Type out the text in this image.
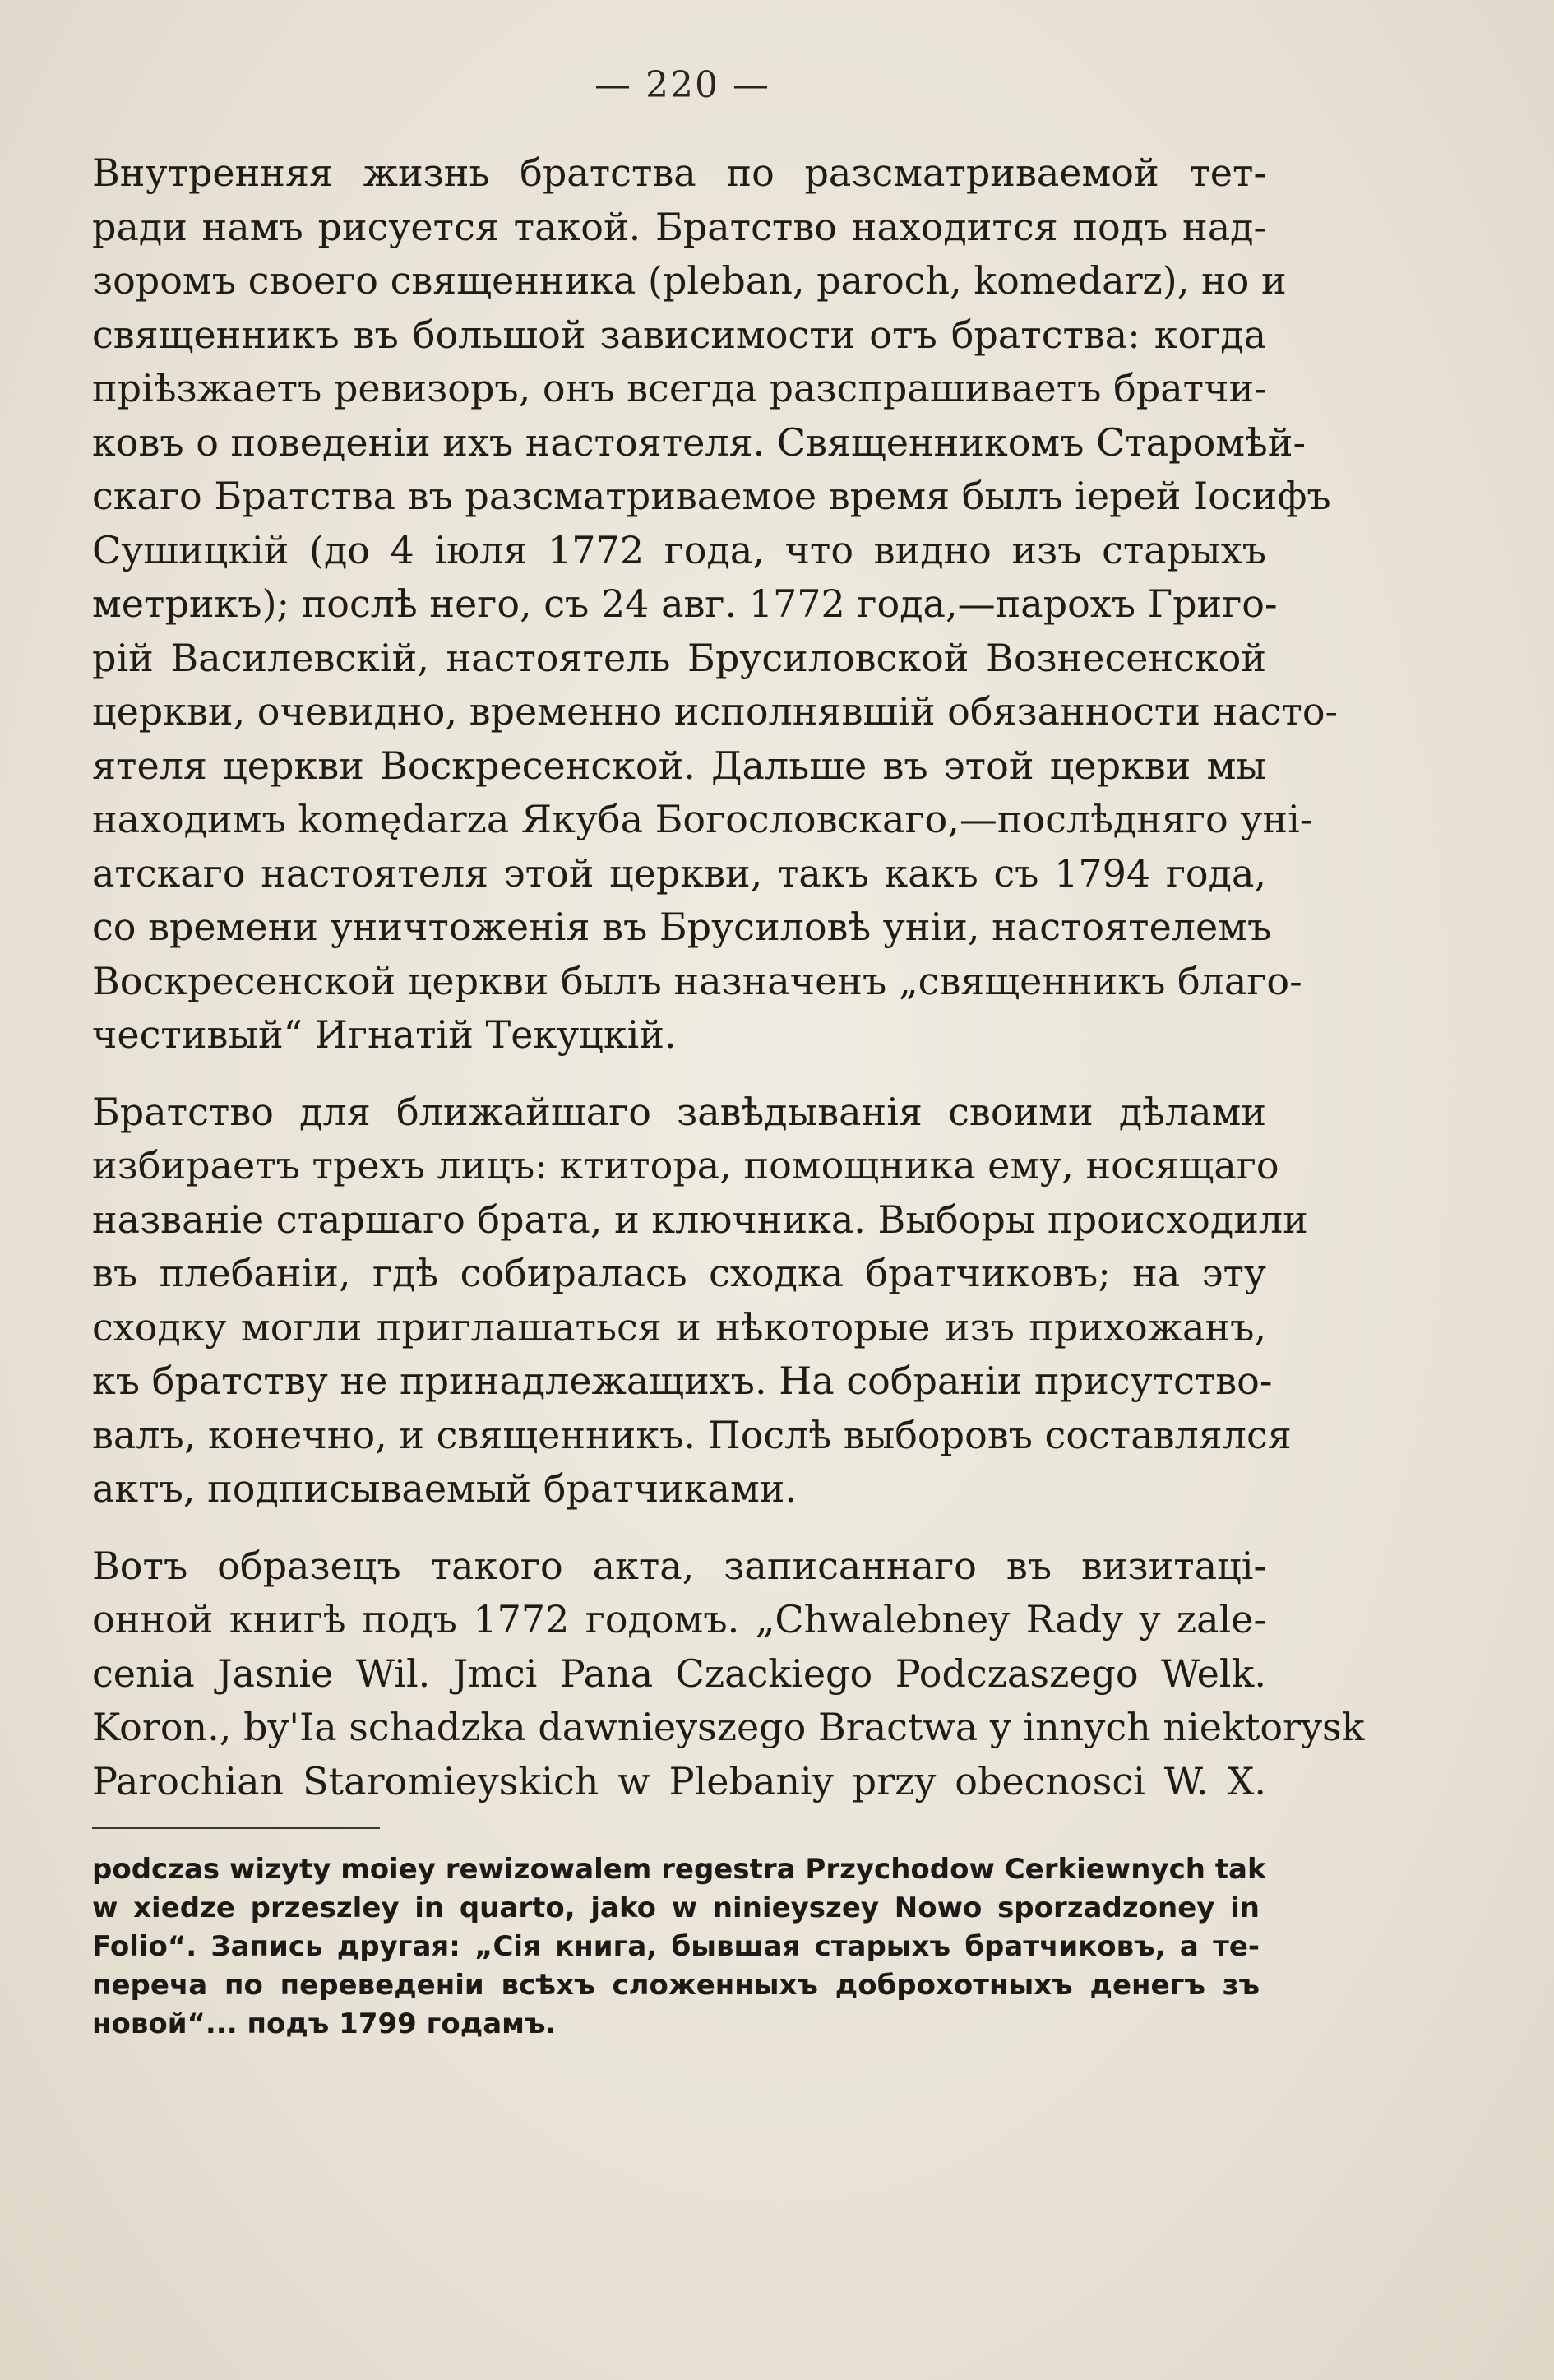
— 220 —

Внутренняя жизнь братства по разсматриваемой тет-
ради намъ рисуется такой. Братство находится подъ над-
зоромъ своего священника (pleban, paroch, komedarz), но и
священникъ въ большой зависимости отъ братства: когда
прiѣзжаетъ ревизоръ, онъ всегда разспрашиваетъ братчи-
ковъ о поведенiи ихъ настоятеля. Священникомъ Старомѣй-
скаго Братства въ разсматриваемое время былъ iерей Iосифъ
Сушицкiй (до 4 iюля 1772 года, что видно изъ старыхъ
метрикъ); послѣ него, съ 24 авг. 1772 года,—парохъ Григо-
рiй Василевскiй, настоятель Брусиловской Вознесенской
церкви, очевидно, временно исполнявшiй обязанности насто-
ятеля церкви Воскресенской. Дальше въ этой церкви мы
находимъ komędarza Якуба Богословскаго,—послѣдняго унi-
атскаго настоятеля этой церкви, такъ какъ съ 1794 года,
со времени уничтоженiя въ Брусиловѣ унiи, настоятелемъ
Воскресенской церкви былъ назначенъ „священникъ благо-
честивый“ Игнатiй Текуцкiй.

Братство для ближайшаго завѣдыванiя своими дѣлами
избираетъ трехъ лицъ: ктитора, помощника ему, носящаго
названiе старшаго брата, и ключника. Выборы происходили
въ плебанiи, гдѣ собиралась сходка братчиковъ; на эту
сходку могли приглашаться и нѣкоторые изъ прихожанъ,
къ братству не принадлежащихъ. На собранiи присутство-
валъ, конечно, и священникъ. Послѣ выборовъ составлялся
актъ, подписываемый братчиками.

Вотъ образецъ такого акта, записаннаго въ визитацi-
онной книгѣ подъ 1772 годомъ. „Chwalebney Rady y zale-
cenia Jasnie Wil. Jmci Pana Czackiego Podczaszego Welk.
Koron., by'Ia schadzka dawnieyszego Bractwa y innych niektorysk
Parochian Staromieyskich w Plebaniy przy obecnosci W. X.

podczas wizyty moiey rewizowalem regestra Przychodow Cerkiewnych tak
w xiedze przeszley in quarto, jako w ninieyszey Nowo sporzadzoney in
Folio“. Запись другая: „Сiя книга, бывшая старыхъ братчиковъ, а те-
переча по переведенiи всѣхъ сложенныхъ доброхотныхъ денегъ зъ
новой“... подъ 1799 годамъ.
